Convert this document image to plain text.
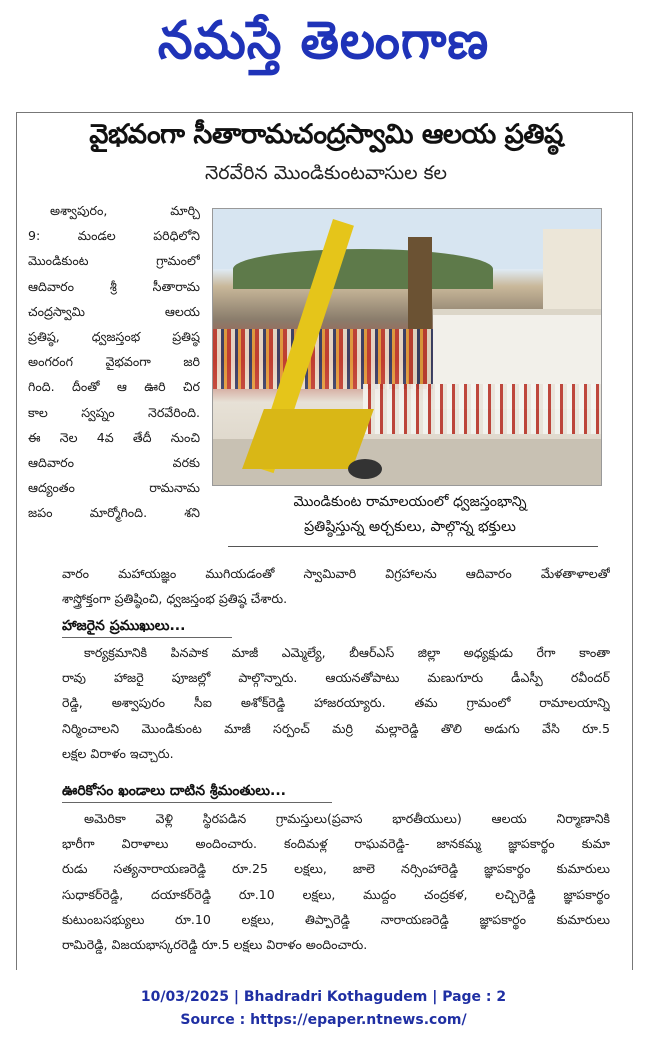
నమస్తే తెలంగాణ
వైభవంగా సీతారామచంద్రస్వామి ఆలయ ప్రతిష్ఠ
నెరవేరిన మొండికుంటవాసుల కల
అశ్వాపురం, మార్చి
9: మండల పరిధిలోని
మొండికుంట గ్రామంలో
ఆదివారం శ్రీ సీతారామ
చంద్రస్వామి ఆలయ
ప్రతిష్ఠ, ధ్వజస్తంభ ప్రతిష్ఠ
అంగరంగ వైభవంగా జరి
గింది. దీంతో ఆ ఊరి చిర
కాల స్వప్నం నెరవేరింది.
ఈ నెల 4వ తేదీ నుంచి
ఆదివారం వరకు
ఆద్యంతం రామనామ
జపం మార్మోగింది. శని
మొండికుంట రామాలయంలో ధ్వజస్తంభాన్ని
ప్రతిష్ఠిస్తున్న అర్చకులు, పాల్గొన్న భక్తులు
వారం మహాయజ్ఞం ముగియడంతో స్వామివారి విగ్రహాలను ఆదివారం మేళతాళాలతో
శాస్త్రోక్తంగా ప్రతిష్ఠించి, ధ్వజస్తంభ ప్రతిష్ఠ చేశారు.
హాజరైన ప్రముఖులు...
కార్యక్రమానికి పినపాక మాజీ ఎమ్మెల్యే, బీఆర్ఎస్ జిల్లా అధ్యక్షుడు రేగా కాంతా
రావు హాజరై పూజల్లో పాల్గొన్నారు. ఆయనతోపాటు మణుగూరు డీఎస్పీ రవీందర్
రెడ్డి, అశ్వాపురం సీఐ అశోక్‌రెడ్డి హాజరయ్యారు. తమ గ్రామంలో రామాలయాన్ని
నిర్మించాలని మొండికుంట మాజీ సర్పంచ్ మర్రి మల్లారెడ్డి తొలి అడుగు వేసి రూ.5
లక్షల విరాళం ఇచ్చారు.
ఊరికోసం ఖండాలు దాటిన శ్రీమంతులు...
అమెరికా వెళ్లి స్థిరపడిన గ్రామస్తులు(ప్రవాస భారతీయులు) ఆలయ నిర్మాణానికి
భారీగా విరాళాలు అందించారు. కందిమళ్ల రాఘవరెడ్డి- జానకమ్మ జ్ఞాపకార్థం కుమా
రుడు సత్యనారాయణరెడ్డి రూ.25 లక్షలు, జాలె నర్సింహారెడ్డి జ్ఞాపకార్థం కుమారులు
సుధాకర్‌రెడ్డి, దయాకర్‌రెడ్డి రూ.10 లక్షలు, ముద్దం చంద్రకళ, లచ్చిరెడ్డి జ్ఞాపకార్థం
కుటుంబసభ్యులు రూ.10 లక్షలు, తిప్పారెడ్డి నారాయణరెడ్డి జ్ఞాపకార్థం కుమారులు
రామిరెడ్డి, విజయభాస్కరరెడ్డి రూ.5 లక్షలు విరాళం అందించారు.
10/03/2025 | Bhadradri Kothagudem | Page : 2
Source : https://epaper.ntnews.com/
